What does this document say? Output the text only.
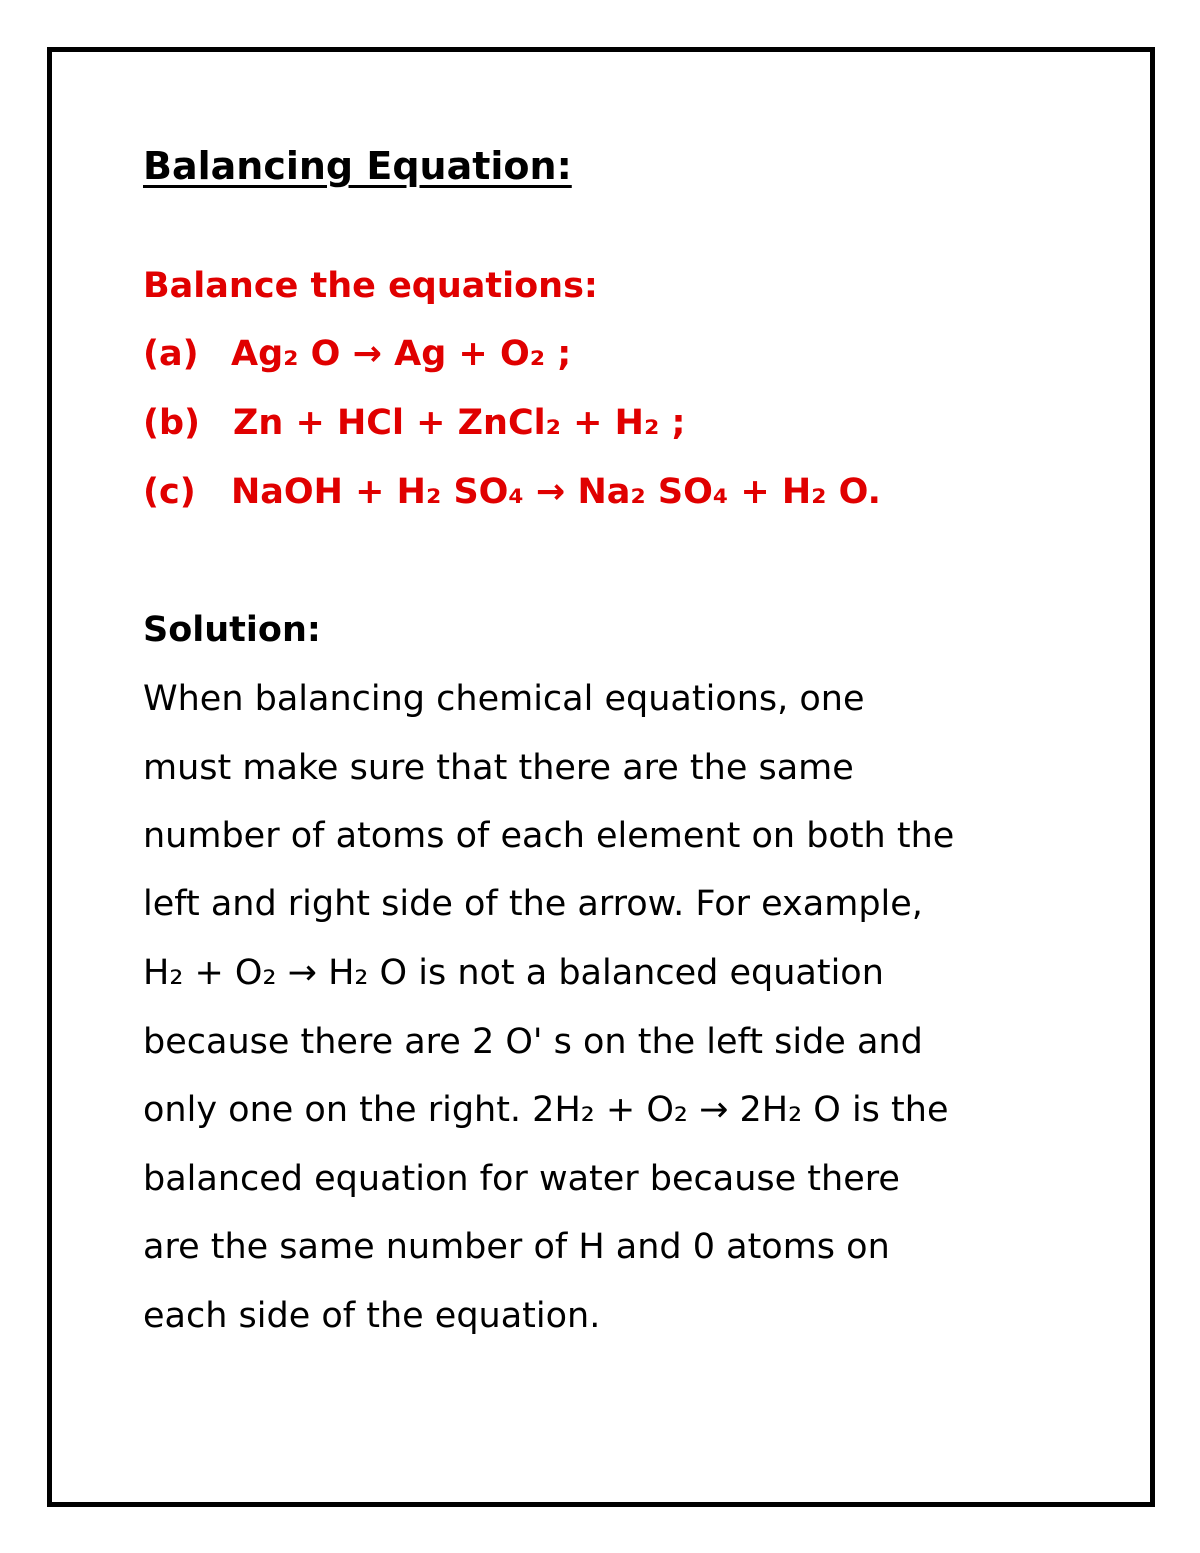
Balancing Equation:
Balance the equations:
(a) Ag₂ O → Ag + O₂ ;
(b) Zn + HCl + ZnCl₂ + H₂ ;
(c) NaOH + H₂ SO₄ → Na₂ SO₄ + H₂ O.
Solution:
When balancing chemical equations, one
must make sure that there are the same
number of atoms of each element on both the
left and right side of the arrow. For example,
H₂ + O₂ → H₂ O is not a balanced equation
because there are 2 O' s on the left side and
only one on the right. 2H₂ + O₂ → 2H₂ O is the
balanced equation for water because there
are the same number of H and 0 atoms on
each side of the equation.
